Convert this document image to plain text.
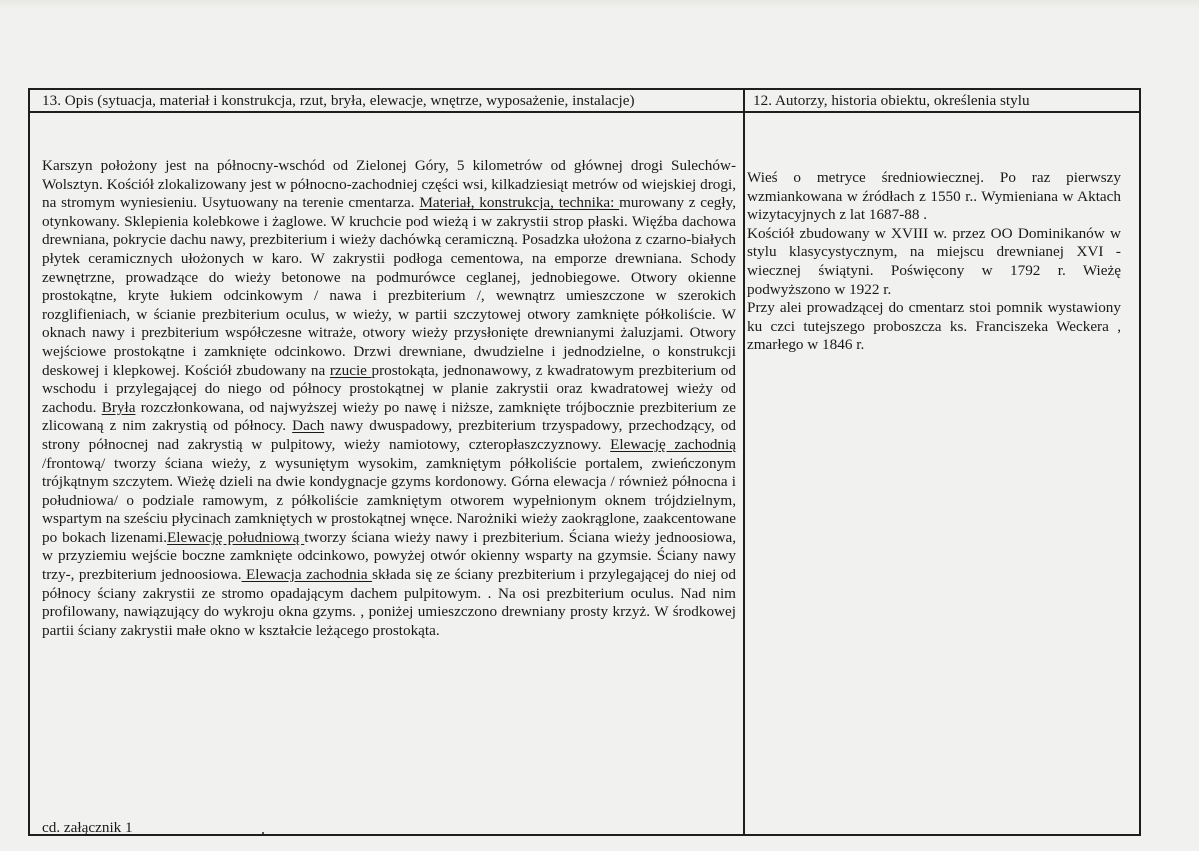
13. Opis (sytuacja, materiał i konstrukcja, rzut, bryła, elewacje, wnętrze, wyposażenie, instalacje)	12. Autorzy, historia obiektu, określenia stylu

Karszyn położony jest na północny-wschód od Zielonej Góry, 5 kilometrów od głównej drogi Sulechów-Wolsztyn. Kościół zlokalizowany jest w północno-zachodniej części wsi, kilkadziesiąt metrów od wiejskiej drogi, na stromym wyniesieniu. Usytuowany na terenie cmentarza. Materiał, konstrukcja, technika: murowany z cegły, otynkowany. Sklepienia kolebkowe i żaglowe. W kruchcie pod wieżą i w zakrystii strop płaski. Więźba dachowa drewniana, pokrycie dachu nawy, prezbiterium i wieży dachówką ceramiczną. Posadzka ułożona z czarno-białych płytek ceramicznych ułożonych w karo. W zakrystii podłoga cementowa, na emporze drewniana. Schody zewnętrzne, prowadzące do wieży betonowe na podmurówce ceglanej, jednobiegowe. Otwory okienne prostokątne, kryte łukiem odcinkowym / nawa i prezbiterium /, wewnątrz umieszczone w szerokich rozglifieniach, w ścianie prezbiterium oculus, w wieży, w partii szczytowej otwory zamknięte półkoliście. W oknach nawy i prezbiterium współczesne witraże, otwory wieży przysłonięte drewnianymi żaluzjami. Otwory wejściowe prostokątne i zamknięte odcinkowo. Drzwi drewniane, dwudzielne i jednodzielne, o konstrukcji deskowej i klepkowej. Kościół zbudowany na rzucie prostokąta, jednonawowy, z kwadratowym prezbiterium od wschodu i przylegającej do niego od północy prostokątnej w planie zakrystii oraz kwadratowej wieży od zachodu. Bryła rozczłonkowana, od najwyższej wieży po nawę i niższe, zamknięte trójbocznie prezbiterium ze zlicowaną z nim zakrystią od północy. Dach nawy dwuspadowy, prezbiterium trzyspadowy, przechodzący, od strony północnej nad zakrystią w pulpitowy, wieży namiotowy, czteropłaszczyznowy. Elewację zachodnią /frontową/ tworzy ściana wieży, z wysuniętym wysokim, zamkniętym półkoliście portalem, zwieńczonym trójkątnym szczytem. Wieżę dzieli na dwie kondygnacje gzyms kordonowy. Górna elewacja / również północna i południowa/ o podziale ramowym, z półkoliście zamkniętym otworem wypełnionym oknem trójdzielnym, wspartym na sześciu płycinach zamkniętych w prostokątnej wnęce. Narożniki wieży zaokrąglone, zaakcentowane po bokach lizenami.Elewację południową tworzy ściana wieży nawy i prezbiterium. Ściana wieży jednoosiowa, w przyziemiu wejście boczne zamknięte odcinkowo, powyżej otwór okienny wsparty na gzymsie. Ściany nawy trzy-, prezbiterium jednoosiowa. Elewacja zachodnia składa się ze ściany prezbiterium i przylegającej do niej od północy ściany zakrystii ze stromo opadającym dachem pulpitowym. . Na osi prezbiterium oculus. Nad nim profilowany, nawiązujący do wykroju okna gzyms. , poniżej umieszczono drewniany prosty krzyż. W środkowej partii ściany zakrystii małe okno w kształcie leżącego prostokąta.

Wieś o metryce średniowiecznej. Po raz pierwszy wzmiankowana w źródłach z 1550 r.. Wymieniana w Aktach wizytacyjnych z lat 1687-88 .

Kościół zbudowany w XVIII w. przez OO Dominikanów w stylu klasycystycznym, na miejscu drewnianej XVI -wiecznej świątyni. Poświęcony w 1792 r. Wieżę podwyższono w 1922 r.

Przy alei prowadzącej do cmentarz stoi pomnik wystawiony ku czci tutejszego proboszcza ks. Franciszeka Weckera , zmarłego w 1846 r.

cd. załącznik 1
